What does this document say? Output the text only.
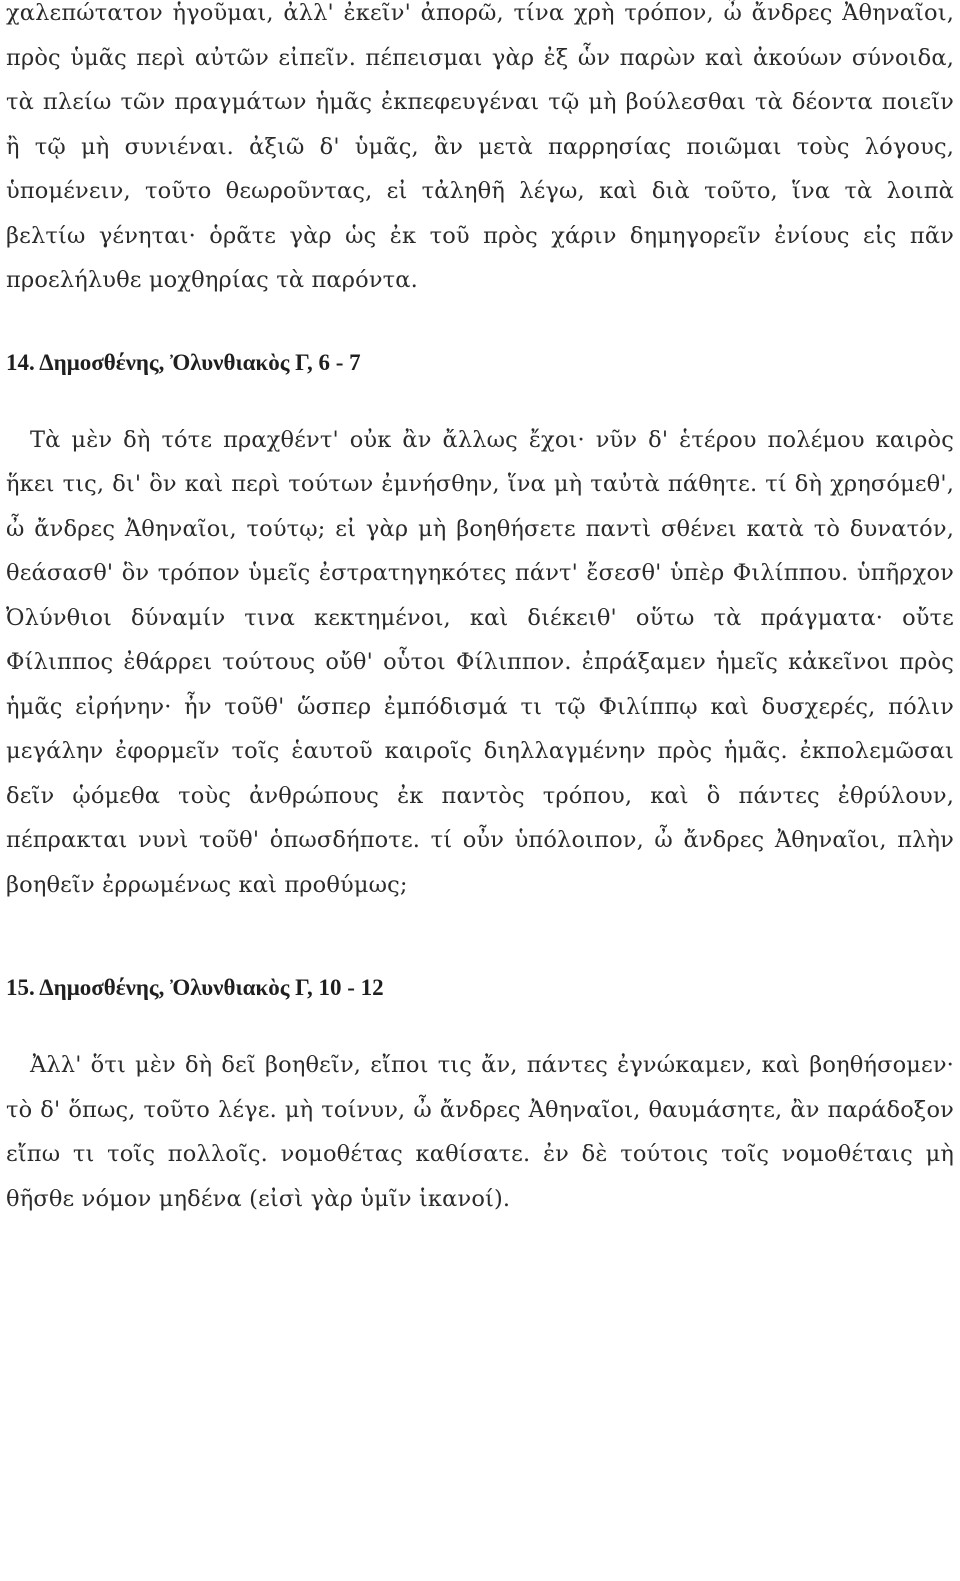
χαλεπώτατον ἡγοῦμαι, ἀλλ' ἐκεῖν' ἀπορῶ, τίνα χρὴ τρόπον, ὦ ἄνδρες Ἀθηναῖοι, πρὸς ὑμᾶς περὶ αὐτῶν εἰπεῖν. πέπεισμαι γὰρ ἐξ ὧν παρὼν καὶ ἀκούων σύνοιδα, τὰ πλείω τῶν πραγμάτων ἡμᾶς ἐκπεφευγέναι τῷ μὴ βούλεσθαι τὰ δέοντα ποιεῖν ἢ τῷ μὴ συνιέναι. ἀξιῶ δ' ὑμᾶς, ἂν μετὰ παρρησίας ποιῶμαι τοὺς λόγους, ὑπομένειν, τοῦτο θεωροῦντας, εἰ τἀληθῆ λέγω, καὶ διὰ τοῦτο, ἵνα τὰ λοιπὰ βελτίω γένηται· ὁρᾶτε γὰρ ὡς ἐκ τοῦ πρὸς χάριν δημηγορεῖν ἐνίους εἰς πᾶν προελήλυθε μοχθηρίας τὰ παρόντα.

14. Δημοσθένης, Ὀλυνθιακὸς Γ, 6 - 7

Τὰ μὲν δὴ τότε πραχθέντ' οὐκ ἂν ἄλλως ἔχοι· νῦν δ' ἑτέρου πολέμου καιρὸς ἥκει τις, δι' ὃν καὶ περὶ τούτων ἐμνήσθην, ἵνα μὴ ταὐτὰ πάθητε. τί δὴ χρησόμεθ', ὦ ἄνδρες Ἀθηναῖοι, τούτῳ; εἰ γὰρ μὴ βοηθήσετε παντὶ σθένει κατὰ τὸ δυνατόν, θεάσασθ' ὃν τρόπον ὑμεῖς ἐστρατηγηκότες πάντ' ἔσεσθ' ὑπὲρ Φιλίππου. ὑπῆρχον Ὀλύνθιοι δύναμίν τινα κεκτημένοι, καὶ διέκειθ' οὕτω τὰ πράγματα· οὔτε Φίλιππος ἐθάρρει τούτους οὔθ' οὗτοι Φίλιππον. ἐπράξαμεν ἡμεῖς κἀκεῖνοι πρὸς ἡμᾶς εἰρήνην· ἦν τοῦθ' ὥσπερ ἐμπόδισμά τι τῷ Φιλίππῳ καὶ δυσχερές, πόλιν μεγάλην ἐφορμεῖν τοῖς ἑαυτοῦ καιροῖς διηλλαγμένην πρὸς ἡμᾶς. ἐκπολεμῶσαι δεῖν ᾡόμεθα τοὺς ἀνθρώπους ἐκ παντὸς τρόπου, καὶ ὃ πάντες ἐθρύλουν, πέπρακται νυνὶ τοῦθ' ὁπωσδήποτε. τί οὖν ὑπόλοιπον, ὦ ἄνδρες Ἀθηναῖοι, πλὴν βοηθεῖν ἐρρωμένως καὶ προθύμως;

15. Δημοσθένης, Ὀλυνθιακὸς Γ, 10 - 12

Ἀλλ' ὅτι μὲν δὴ δεῖ βοηθεῖν, εἴποι τις ἄν, πάντες ἐγνώκαμεν, καὶ βοηθήσομεν· τὸ δ' ὅπως, τοῦτο λέγε. μὴ τοίνυν, ὦ ἄνδρες Ἀθηναῖοι, θαυμάσητε, ἂν παράδοξον εἴπω τι τοῖς πολλοῖς. νομοθέτας καθίσατε. ἐν δὲ τούτοις τοῖς νομοθέταις μὴ θῆσθε νόμον μηδένα (εἰσὶ γὰρ ὑμῖν ἱκανοί).
